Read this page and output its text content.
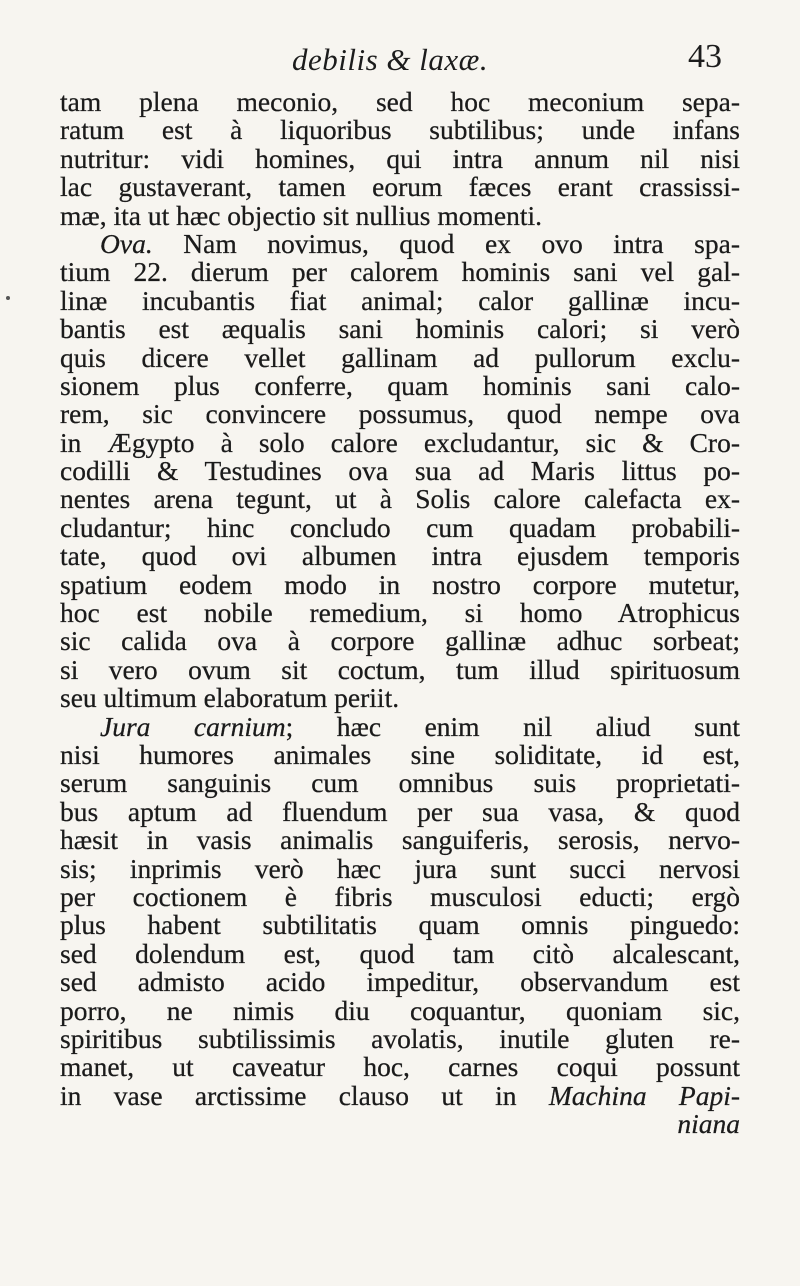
debilis & laxæ.	43
tam plena meconio, sed hoc meconium sepa-
ratum est à liquoribus subtilibus; unde infans
nutritur: vidi homines, qui intra annum nil nisi
lac gustaverant, tamen eorum fæces erant crassissi-
mæ, ita ut hæc objectio sit nullius momenti.
Ova. Nam novimus, quod ex ovo intra spa-
tium 22. dierum per calorem hominis sani vel gal-
linæ incubantis fiat animal; calor gallinæ incu-
bantis est æqualis sani hominis calori; si verò
quis dicere vellet gallinam ad pullorum exclu-
sionem plus conferre, quam hominis sani calo-
rem, sic convincere possumus, quod nempe ova
in Ægypto à solo calore excludantur, sic & Cro-
codilli & Testudines ova sua ad Maris littus po-
nentes arena tegunt, ut à Solis calore calefacta ex-
cludantur; hinc concludo cum quadam probabili-
tate, quod ovi albumen intra ejusdem temporis
spatium eodem modo in nostro corpore mutetur,
hoc est nobile remedium, si homo Atrophicus
sic calida ova à corpore gallinæ adhuc sorbeat;
si vero ovum sit coctum, tum illud spirituosum
seu ultimum elaboratum periit.
Jura carnium; hæc enim nil aliud sunt
nisi humores animales sine soliditate, id est,
serum sanguinis cum omnibus suis proprietati-
bus aptum ad fluendum per sua vasa, & quod
hæsit in vasis animalis sanguiferis, serosis, nervo-
sis; inprimis verò hæc jura sunt succi nervosi
per coctionem è fibris musculosi educti; ergò
plus habent subtilitatis quam omnis pinguedo:
sed dolendum est, quod tam citò alcalescant,
sed admisto acido impeditur, observandum est
porro, ne nimis diu coquantur, quoniam sic,
spiritibus subtilissimis avolatis, inutile gluten re-
manet, ut caveatur hoc, carnes coqui possunt
in vase arctissime clauso ut in Machina Papi-
niana
